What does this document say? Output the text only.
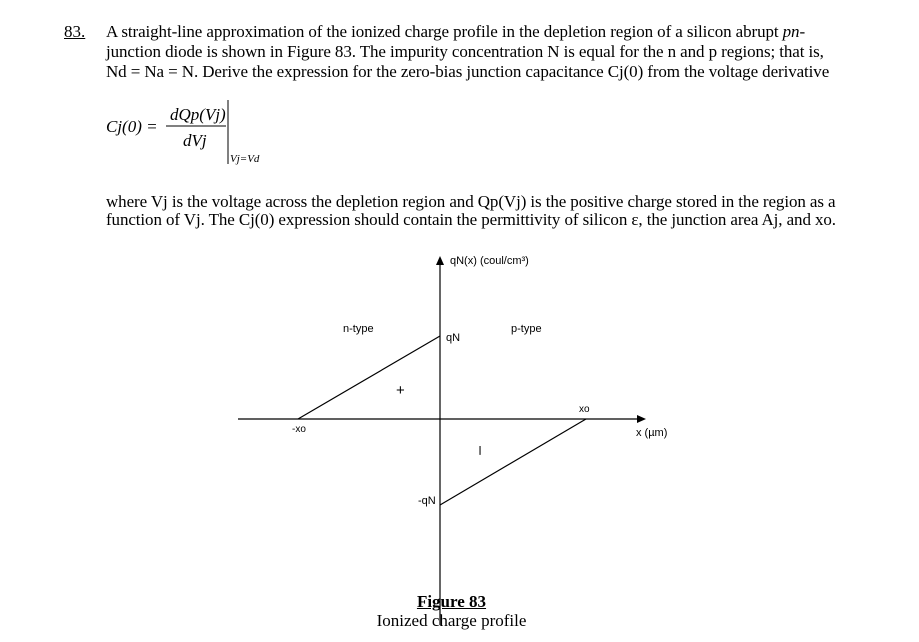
83. A straight-line approximation of the ionized charge profile in the depletion region of a silicon abrupt pn-
junction diode is shown in Figure 83. The impurity concentration N is equal for the n and p regions; that is,
Nd = Na = N. Derive the expression for the zero-bias junction capacitance Cj(0) from the voltage derivative
Cj(0) =
dQp(Vj)
dVj
Vj=Vd
where Vj is the voltage across the depletion region and Qp(Vj) is the positive charge stored in the region as a
function of Vj. The Cj(0) expression should contain the permittivity of silicon ε, the junction area Aj, and xo.
qN(x) (coul/cm³)
x (µm)
n-type	p-type
qN
-qN
-xo
xo
+
–
Figure 83
Ionized charge profile
